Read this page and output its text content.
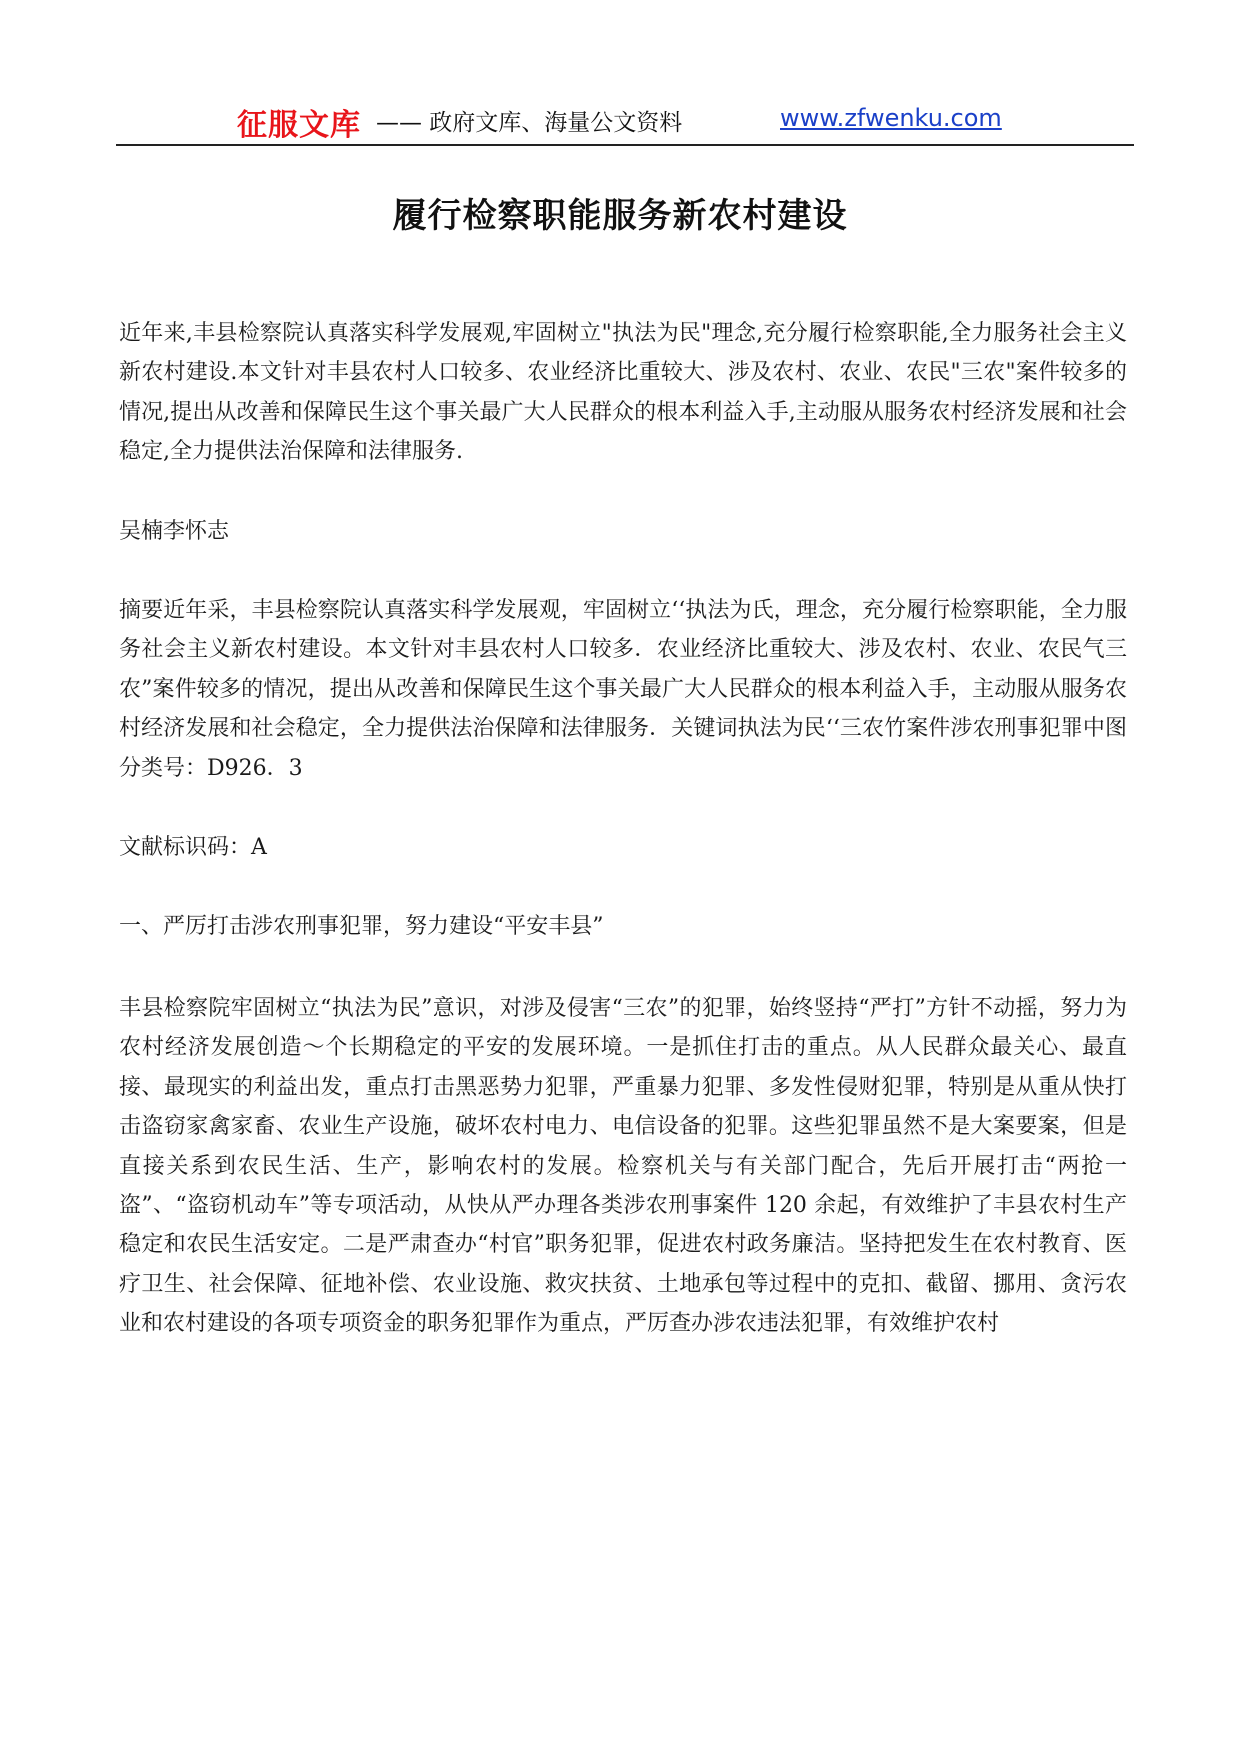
征服文库 —— 政府文库、海量公文资料	www.zfwenku.com
履行检察职能服务新农村建设

近年来,丰县检察院认真落实科学发展观,牢固树立"执法为民"理念,充分履行检察职能,全力服务社会主义新农村建设.本文针对丰县农村人口较多、农业经济比重较大、涉及农村、农业、农民"三农"案件较多的情况,提出从改善和保障民生这个事关最广大人民群众的根本利益入手,主动服从服务农村经济发展和社会稳定,全力提供法治保障和法律服务.

吴楠李怀志

摘要近年采，丰县检察院认真落实科学发展观，牢固树立‘‘执法为氏，理念，充分履行检察职能，全力服务社会主义新农村建设。本文针对丰县农村人口较多．农业经济比重较大、涉及农村、农业、农民气三农”案件较多的情况，提出从改善和保障民生这个事关最广大人民群众的根本利益入手，主动服从服务农村经济发展和社会稳定，全力提供法治保障和法律服务．关键词执法为民‘‘三农竹案件涉农刑事犯罪中图分类号：D926．3

文献标识码：A

一、严厉打击涉农刑事犯罪，努力建设“平安丰县”

丰县检察院牢固树立“执法为民”意识，对涉及侵害“三农”的犯罪，始终竖持“严打”方针不动摇，努力为农村经济发展创造～个长期稳定的平安的发展环境。一是抓住打击的重点。从人民群众最关心、最直接、最现实的利益出发，重点打击黑恶势力犯罪，严重暴力犯罪、多发性侵财犯罪，特别是从重从快打击盗窃家禽家畜、农业生产设施，破坏农村电力、电信设备的犯罪。这些犯罪虽然不是大案要案，但是直接关系到农民生活、生产，影响农村的发展。检察机关与有关部门配合，先后开展打击“两抢一盗”、“盗窃机动车”等专项活动，从快从严办理各类涉农刑事案件 120 余起，有效维护了丰县农村生产稳定和农民生活安定。二是严肃查办“村官”职务犯罪，促进农村政务廉洁。坚持把发生在农村教育、医疗卫生、社会保障、征地补偿、农业设施、救灾扶贫、土地承包等过程中的克扣、截留、挪用、贪污农业和农村建设的各项专项资金的职务犯罪作为重点，严厉查办涉农违法犯罪，有效维护农村
